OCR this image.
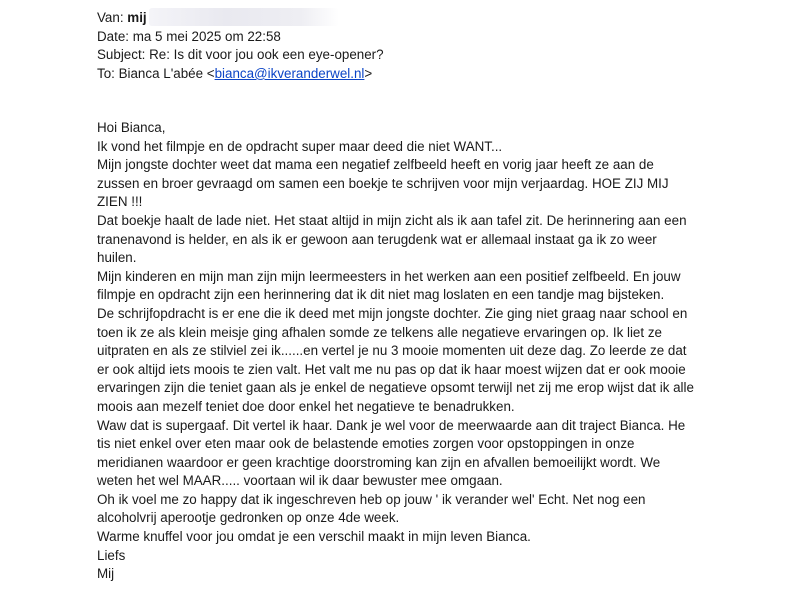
Van: mij
Date: ma 5 mei 2025 om 22:58
Subject: Re: Is dit voor jou ook een eye-opener?
To: Bianca L'abée <bianca@ikveranderwel.nl>

Hoi Bianca,

Ik vond het filmpje en de opdracht super maar deed die niet WANT...

Mijn jongste dochter weet dat mama een negatief zelfbeeld heeft en vorig jaar heeft ze aan de zussen en broer gevraagd om samen een boekje te schrijven voor mijn verjaardag. HOE ZIJ MIJ ZIEN !!!

Dat boekje haalt de lade niet. Het staat altijd in mijn zicht als ik aan tafel zit. De herinnering aan een tranenavond is helder, en als ik er gewoon aan terugdenk wat er allemaal instaat ga ik zo weer huilen.

Mijn kinderen en mijn man zijn mijn leermeesters in het werken aan een positief zelfbeeld. En jouw filmpje en opdracht zijn een herinnering dat ik dit niet mag loslaten en een tandje mag bijsteken.

De schrijfopdracht is er ene die ik deed met mijn jongste dochter. Zie ging niet graag naar school en toen ik ze als klein meisje ging afhalen somde ze telkens alle negatieve ervaringen op. Ik liet ze uitpraten en als ze stilviel zei ik......en vertel je nu 3 mooie momenten uit deze dag. Zo leerde ze dat er ook altijd iets moois te zien valt. Het valt me nu pas op dat ik haar moest wijzen dat er ook mooie ervaringen zijn die teniet gaan als je enkel de negatieve opsomt terwijl net zij me erop wijst dat ik alle moois aan mezelf teniet doe door enkel het negatieve te benadrukken.

Waw dat is supergaaf. Dit vertel ik haar. Dank je wel voor de meerwaarde aan dit traject Bianca. He tis niet enkel over eten maar ook de belastende emoties zorgen voor opstoppingen in onze meridianen waardoor er geen krachtige doorstroming kan zijn en afvallen bemoeilijkt wordt. We weten het wel MAAR..... voortaan wil ik daar bewuster mee omgaan.

Oh ik voel me zo happy dat ik ingeschreven heb op jouw ' ik verander wel' Echt. Net nog een alcoholvrij aperootje gedronken op onze 4de week.

Warme knuffel voor jou omdat je een verschil maakt in mijn leven Bianca.

Liefs

Mij
